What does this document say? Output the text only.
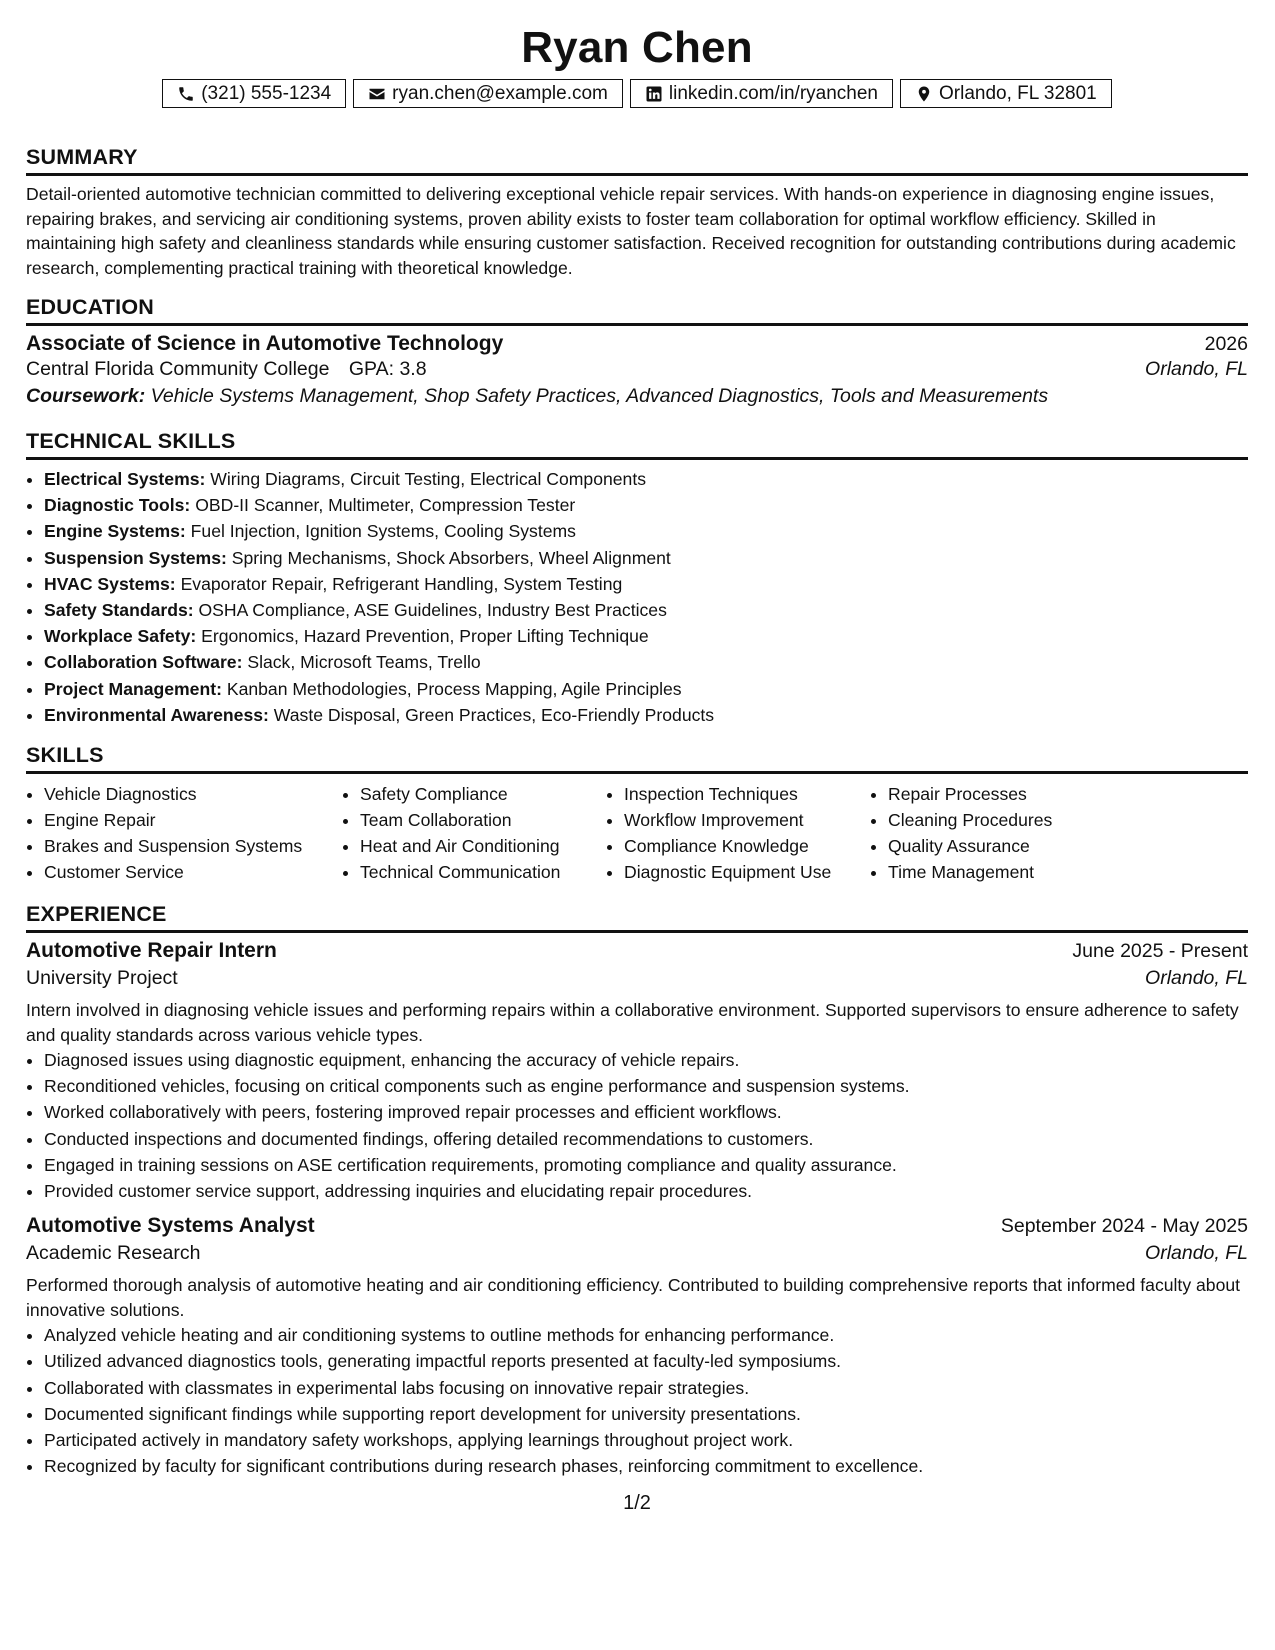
Ryan Chen
(321) 555-1234	ryan.chen@example.com	linkedin.com/in/ryanchen	Orlando, FL 32801
SUMMARY
Detail-oriented automotive technician committed to delivering exceptional vehicle repair services. With hands-on experience in diagnosing engine issues, repairing brakes, and servicing air conditioning systems, proven ability exists to foster team collaboration for optimal workflow efficiency. Skilled in maintaining high safety and cleanliness standards while ensuring customer satisfaction. Received recognition for outstanding contributions during academic research, complementing practical training with theoretical knowledge.
EDUCATION
Associate of Science in Automotive Technology	2026
Central Florida Community College GPA: 3.8	Orlando, FL
Coursework: Vehicle Systems Management, Shop Safety Practices, Advanced Diagnostics, Tools and Measurements
TECHNICAL SKILLS
• Electrical Systems: Wiring Diagrams, Circuit Testing, Electrical Components
• Diagnostic Tools: OBD-II Scanner, Multimeter, Compression Tester
• Engine Systems: Fuel Injection, Ignition Systems, Cooling Systems
• Suspension Systems: Spring Mechanisms, Shock Absorbers, Wheel Alignment
• HVAC Systems: Evaporator Repair, Refrigerant Handling, System Testing
• Safety Standards: OSHA Compliance, ASE Guidelines, Industry Best Practices
• Workplace Safety: Ergonomics, Hazard Prevention, Proper Lifting Technique
• Collaboration Software: Slack, Microsoft Teams, Trello
• Project Management: Kanban Methodologies, Process Mapping, Agile Principles
• Environmental Awareness: Waste Disposal, Green Practices, Eco-Friendly Products
SKILLS
• Vehicle Diagnostics
• Engine Repair
• Brakes and Suspension Systems
• Customer Service
• Safety Compliance
• Team Collaboration
• Heat and Air Conditioning
• Technical Communication
• Inspection Techniques
• Workflow Improvement
• Compliance Knowledge
• Diagnostic Equipment Use
• Repair Processes
• Cleaning Procedures
• Quality Assurance
• Time Management
EXPERIENCE
Automotive Repair Intern	June 2025 - Present
University Project	Orlando, FL
Intern involved in diagnosing vehicle issues and performing repairs within a collaborative environment. Supported supervisors to ensure adherence to safety and quality standards across various vehicle types.
• Diagnosed issues using diagnostic equipment, enhancing the accuracy of vehicle repairs.
• Reconditioned vehicles, focusing on critical components such as engine performance and suspension systems.
• Worked collaboratively with peers, fostering improved repair processes and efficient workflows.
• Conducted inspections and documented findings, offering detailed recommendations to customers.
• Engaged in training sessions on ASE certification requirements, promoting compliance and quality assurance.
• Provided customer service support, addressing inquiries and elucidating repair procedures.
Automotive Systems Analyst	September 2024 - May 2025
Academic Research	Orlando, FL
Performed thorough analysis of automotive heating and air conditioning efficiency. Contributed to building comprehensive reports that informed faculty about innovative solutions.
• Analyzed vehicle heating and air conditioning systems to outline methods for enhancing performance.
• Utilized advanced diagnostics tools, generating impactful reports presented at faculty-led symposiums.
• Collaborated with classmates in experimental labs focusing on innovative repair strategies.
• Documented significant findings while supporting report development for university presentations.
• Participated actively in mandatory safety workshops, applying learnings throughout project work.
• Recognized by faculty for significant contributions during research phases, reinforcing commitment to excellence.
1/2
